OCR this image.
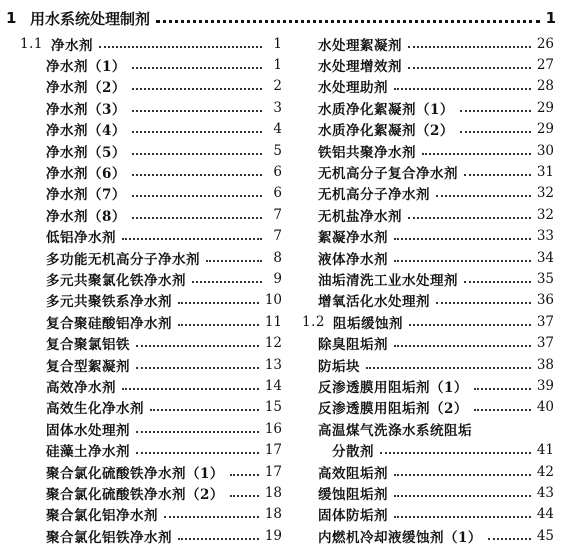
1 用水系统处理制剂	1
1.1 净水剂	1
净水剂（1）	1
净水剂（2）	2
净水剂（3）	3
净水剂（4）	4
净水剂（5）	5
净水剂（6）	6
净水剂（7）	6
净水剂（8）	7
低铝净水剂	7
多功能无机高分子净水剂	8
多元共聚氯化铁净水剂	9
多元共聚铁系净水剂	10
复合聚硅酸铝净水剂	11
复合聚氯铝铁	12
复合型絮凝剂	13
高效净水剂	14
高效生化净水剂	15
固体水处理剂	16
硅藻土净水剂	17
聚合氯化硫酸铁净水剂（1）	17
聚合氯化硫酸铁净水剂（2）	18
聚合氯化铝净水剂	18
聚合氯化铝铁净水剂	19
水处理絮凝剂	26
水处理增效剂	27
水处理助剂	28
水质净化絮凝剂（1）	29
水质净化絮凝剂（2）	29
铁铝共聚净水剂	30
无机高分子复合净水剂	31
无机高分子净水剂	32
无机盐净水剂	32
絮凝净水剂	33
液体净水剂	34
油垢清洗工业水处理剂	35
增氧活化水处理剂	36
1.2 阻垢缓蚀剂	37
除臭阻垢剂	37
防垢块	38
反渗透膜用阻垢剂（1）	39
反渗透膜用阻垢剂（2）	40
高温煤气洗涤水系统阻垢
分散剂	41
高效阻垢剂	42
缓蚀阻垢剂	43
固体防垢剂	44
内燃机冷却液缓蚀剂（1）	45
